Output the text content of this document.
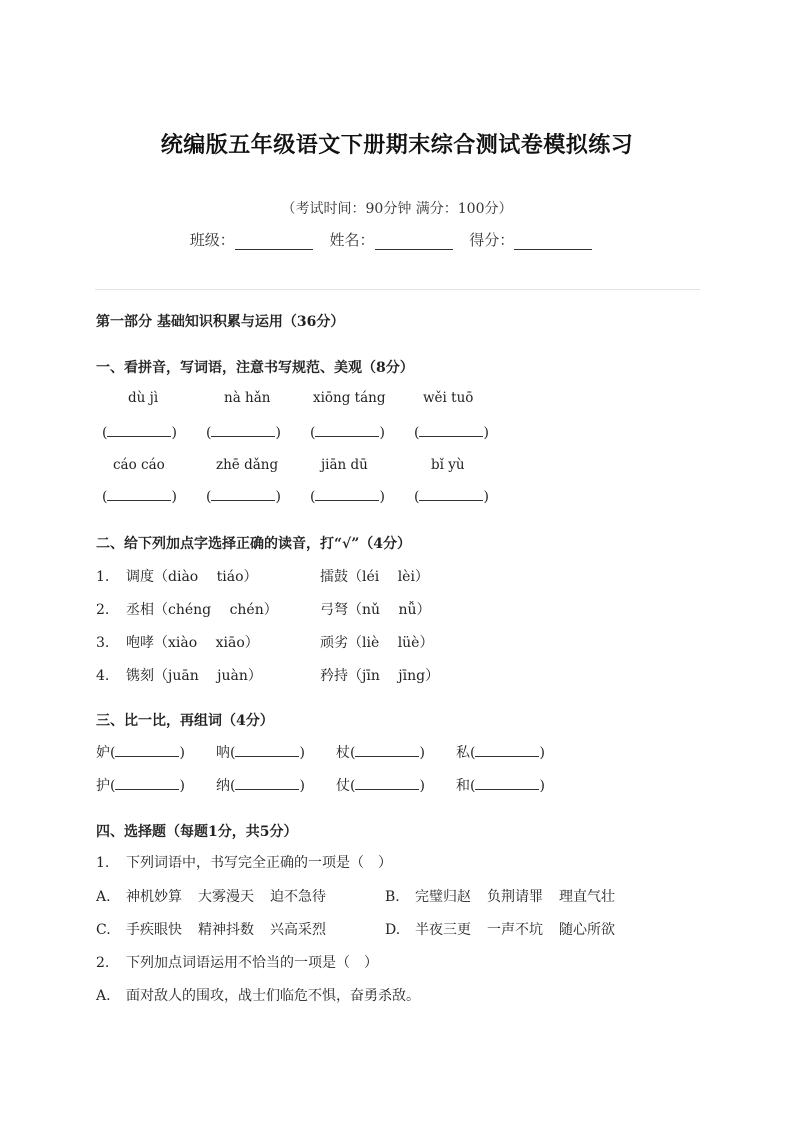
统编版五年级语文下册期末综合测试卷模拟练习
（考试时间：90分钟 满分：100分）
班级：	姓名：	得分：
第一部分 基础知识积累与运用（36分）
一、看拼音，写词语，注意书写规范、美观（8分）
dù jì	nà hǎn	xiōng táng	wěi tuō
(	) (	) (	) (	)
cáo cáo	zhē dǎng	jiān dū	bǐ yù
(	) (	) (	) (	)
二、给下列加点字选择正确的读音，打“√”（4分）
1. 调度（diào　 tiáo）	擂鼓（léi　 lèi）
2. 丞相（chéng　 chén）	弓弩（nǔ　 nǚ）
3. 咆哮（xiào　 xiāo）	顽劣（liè　 lüè）
4. 镌刻（juān　 juàn）	矜持（jīn　 jīng）
三、比一比，再组词（4分）
妒(	) 呐(	) 杖(	) 私(	)
护(	) 纳(	) 仗(	) 和(	)
四、选择题（每题1分，共5分）
1. 下列词语中，书写完全正确的一项是（　）
A. 神机妙算 大雾漫天 迫不急待	B. 完璧归赵 负荆请罪 理直气壮
C. 手疾眼快 精神抖数 兴高采烈	D. 半夜三更 一声不坑 随心所欲
2. 下列加点词语运用不恰当的一项是（　）
A. 面对敌人的围攻，战士们临危不惧，奋勇杀敌。
